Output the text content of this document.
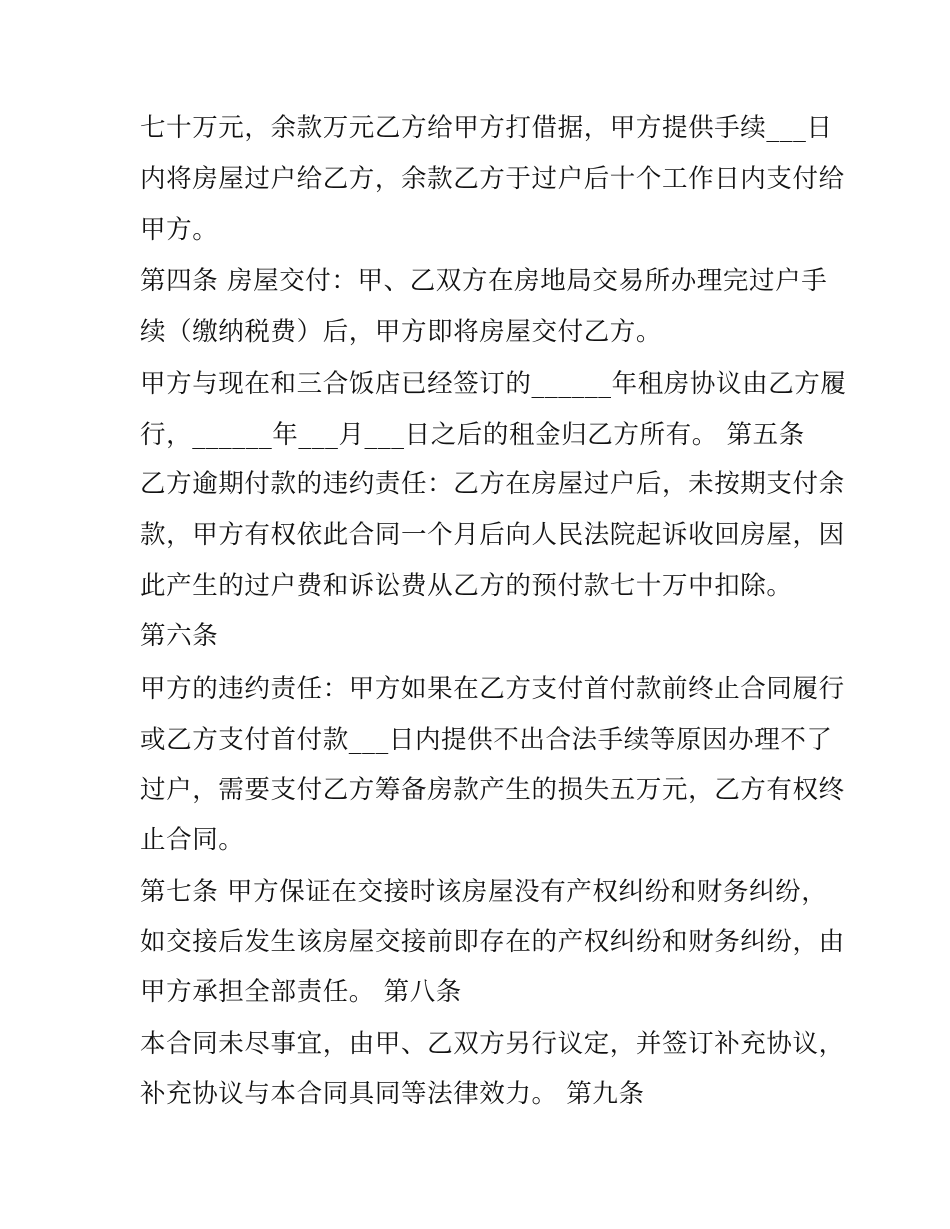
七十万元，余款万元乙方给甲方打借据，甲方提供手续___日
内将房屋过户给乙方，余款乙方于过户后十个工作日内支付给
甲方。
第四条 房屋交付：甲、乙双方在房地局交易所办理完过户手
续（缴纳税费）后，甲方即将房屋交付乙方。
甲方与现在和三合饭店已经签订的______年租房协议由乙方履
行，______年___月___日之后的租金归乙方所有。 第五条
乙方逾期付款的违约责任：乙方在房屋过户后，未按期支付余
款，甲方有权依此合同一个月后向人民法院起诉收回房屋，因
此产生的过户费和诉讼费从乙方的预付款七十万中扣除。
第六条
甲方的违约责任：甲方如果在乙方支付首付款前终止合同履行
或乙方支付首付款___日内提供不出合法手续等原因办理不了
过户，需要支付乙方筹备房款产生的损失五万元，乙方有权终
止合同。
第七条 甲方保证在交接时该房屋没有产权纠纷和财务纠纷，
如交接后发生该房屋交接前即存在的产权纠纷和财务纠纷，由
甲方承担全部责任。 第八条
本合同未尽事宜，由甲、乙双方另行议定，并签订补充协议，
补充协议与本合同具同等法律效力。 第九条
